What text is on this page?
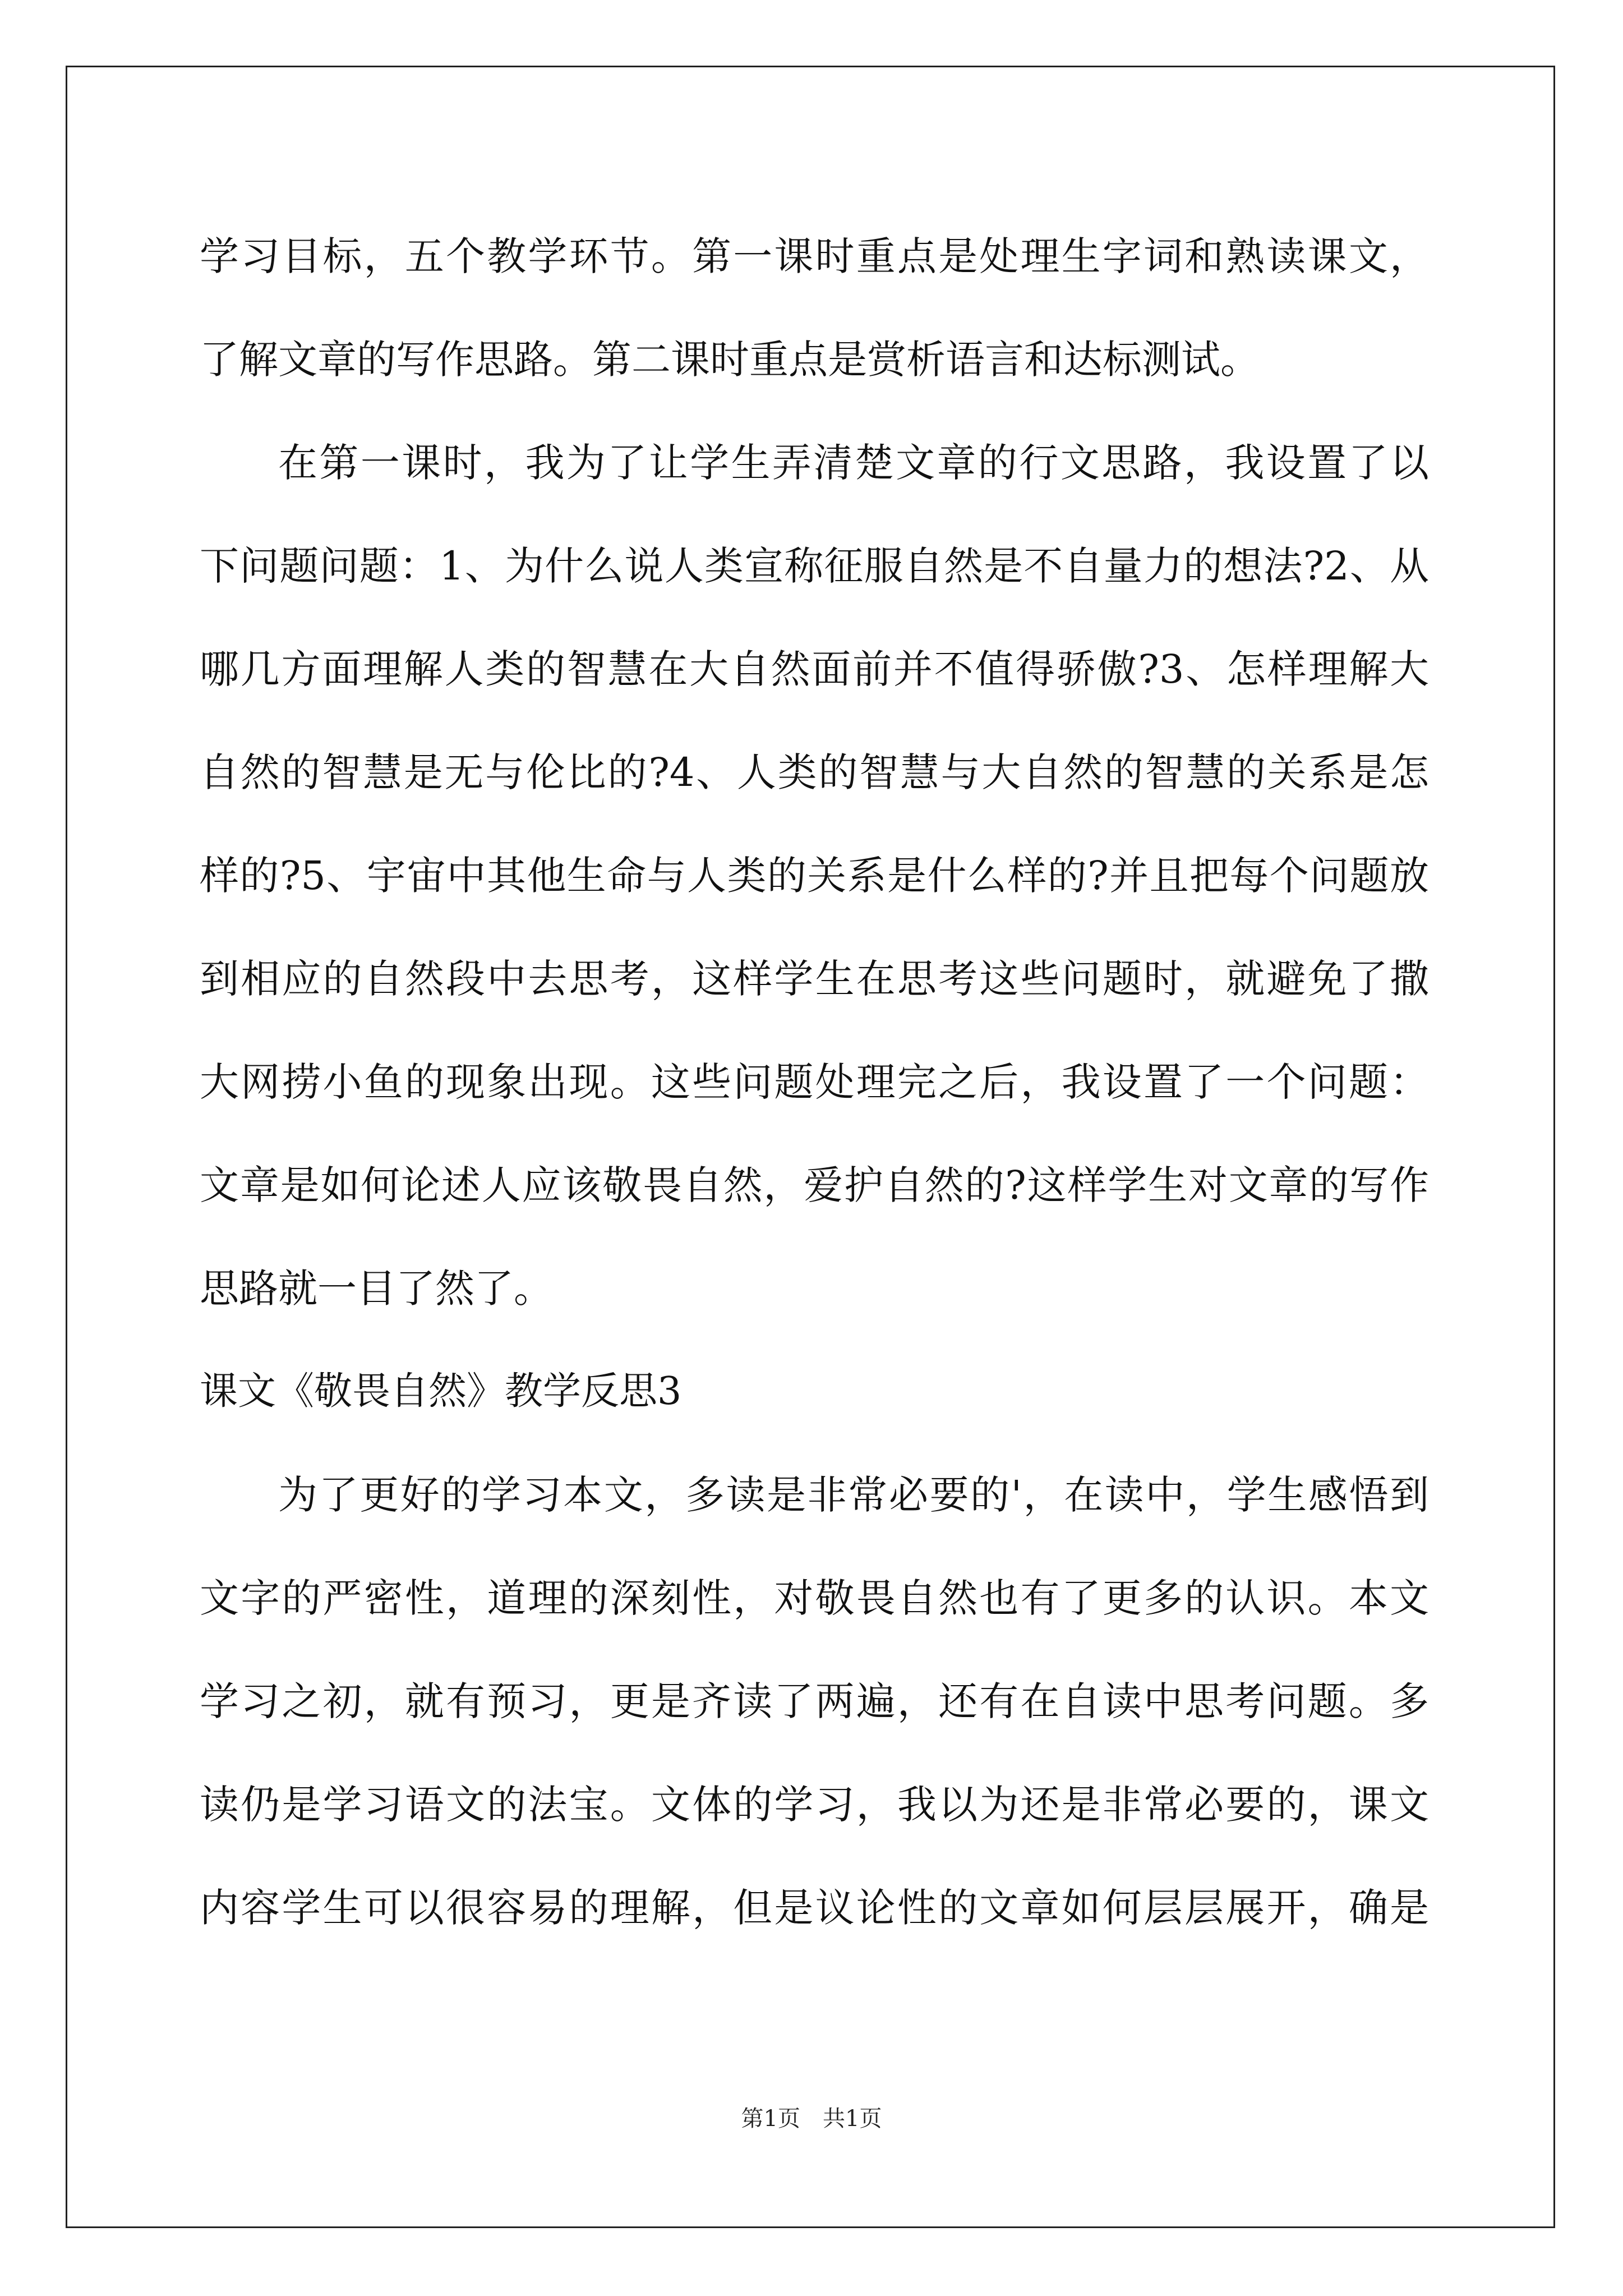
学习目标，五个教学环节。第一课时重点是处理生字词和熟读课文，
了解文章的写作思路。第二课时重点是赏析语言和达标测试。
在第一课时，我为了让学生弄清楚文章的行文思路，我设置了以
下问题问题：1、为什么说人类宣称征服自然是不自量力的想法?2、从
哪几方面理解人类的智慧在大自然面前并不值得骄傲?3、怎样理解大
自然的智慧是无与伦比的?4、人类的智慧与大自然的智慧的关系是怎
样的?5、宇宙中其他生命与人类的关系是什么样的?并且把每个问题放
到相应的自然段中去思考，这样学生在思考这些问题时，就避免了撒
大网捞小鱼的现象出现。这些问题处理完之后，我设置了一个问题：
文章是如何论述人应该敬畏自然，爱护自然的?这样学生对文章的写作
思路就一目了然了。
课文《敬畏自然》教学反思3
为了更好的学习本文，多读是非常必要的'，在读中，学生感悟到
文字的严密性，道理的深刻性，对敬畏自然也有了更多的认识。本文
学习之初，就有预习，更是齐读了两遍，还有在自读中思考问题。多
读仍是学习语文的法宝。文体的学习，我以为还是非常必要的，课文
内容学生可以很容易的理解，但是议论性的文章如何层层展开，确是
第1页　共1页
